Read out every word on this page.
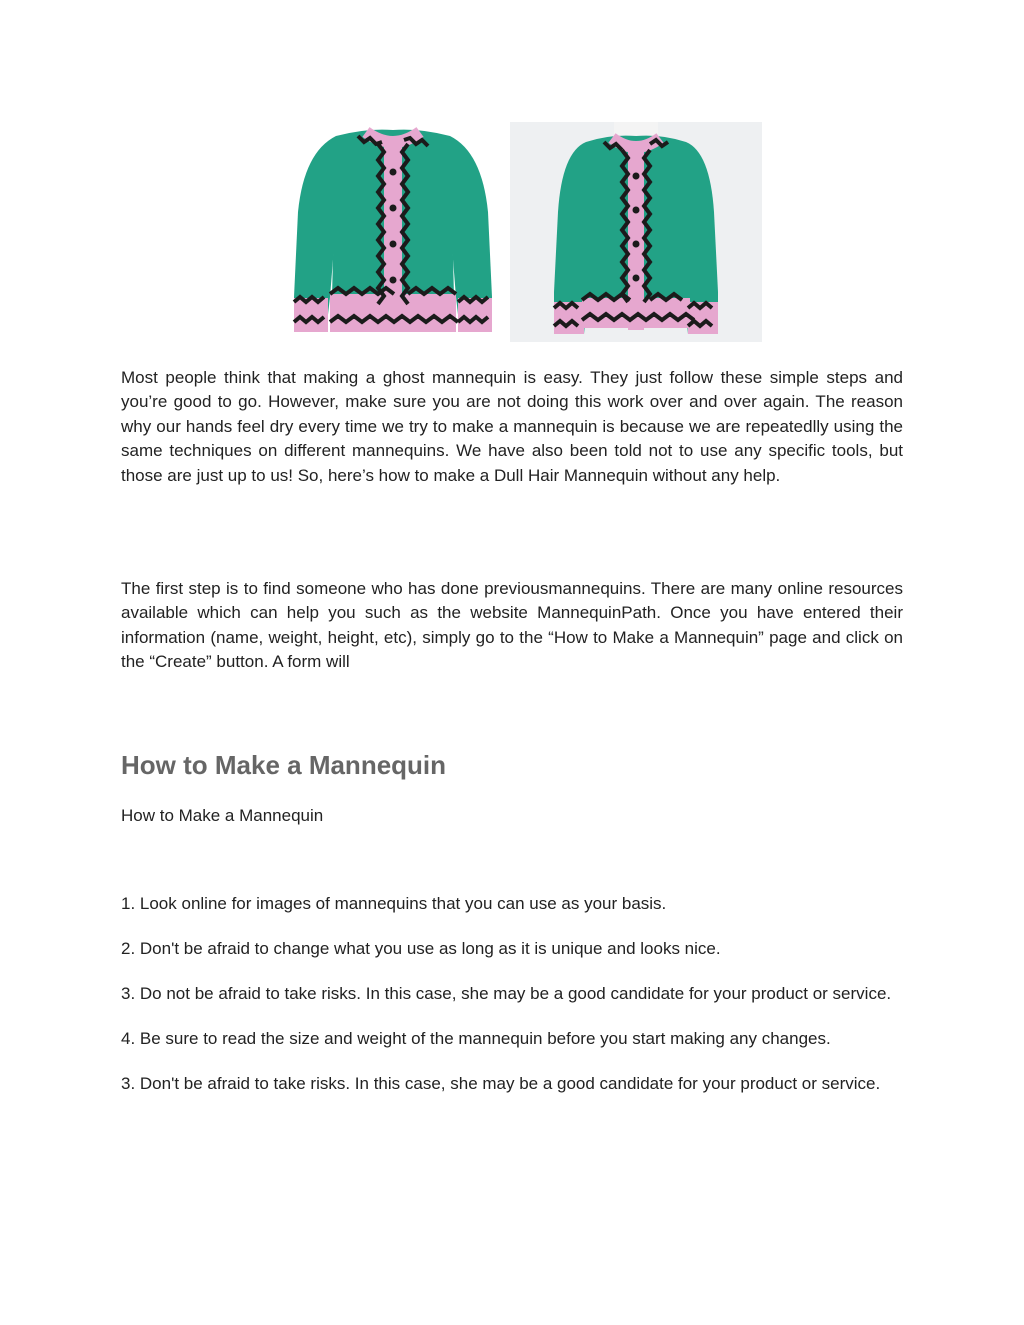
Most people think that making a ghost mannequin is easy. They just follow these simple steps and you’re good to go. However, make sure you are not doing this work over and over again. The reason why our hands feel dry every time we try to make a mannequin is because we are repeatedlly using the same techniques on different mannequins. We have also been told not to use any specific tools, but those are just up to us! So, here’s how to make a Dull Hair Mannequin without any help.

The first step is to find someone who has done previousmannequins. There are many online resources available which can help you such as the website MannequinPath. Once you have entered their information (name, weight, height, etc), simply go to the “How to Make a Mannequin” page and click on the “Create” button. A form will

How to Make a Mannequin

How to Make a Mannequin

1. Look online for images of mannequins that you can use as your basis.
2. Don't be afraid to change what you use as long as it is unique and looks nice.
3. Do not be afraid to take risks. In this case, she may be a good candidate for your product or service.
4. Be sure to read the size and weight of the mannequin before you start making any changes.
3. Don't be afraid to take risks. In this case, she may be a good candidate for your product or service.
